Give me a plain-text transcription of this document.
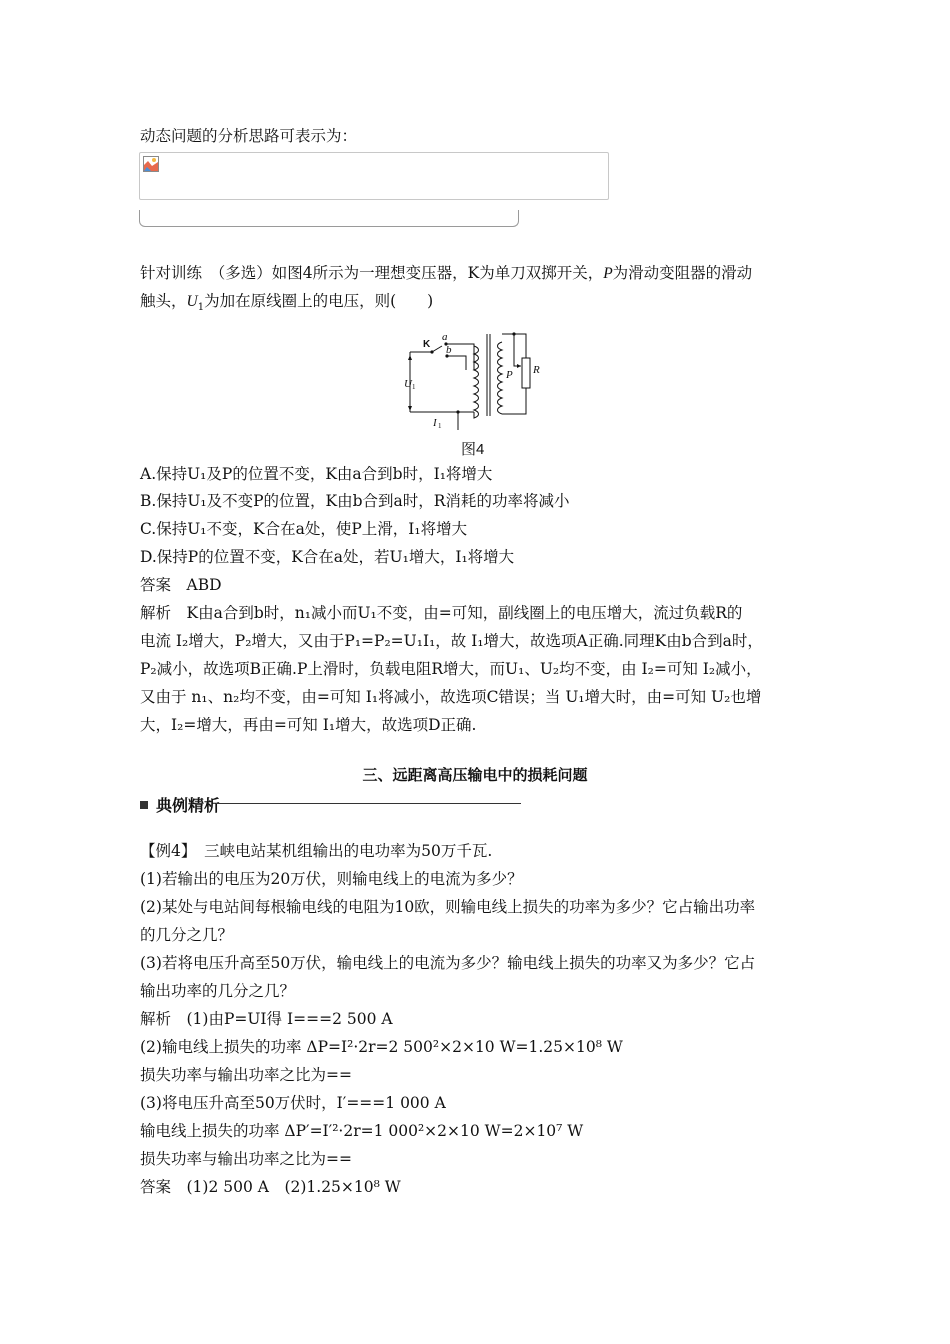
动态问题的分析思路可表示为：
针对训练　（多选）如图4所示为一理想变压器，K为单刀双掷开关，P为滑动变阻器的滑动
触头，$U_1$为加在原线圈上的电压，则(　　)
a
b
P R
U
I
1
1
K
图4
A.保持U₁及P的位置不变，K由a合到b时，I₁将增大
B.保持U₁及不变P的位置，K由b合到a时，R消耗的功率将减小
C.保持U₁不变，K合在a处，使P上滑，I₁将增大
D.保持P的位置不变，K合在a处，若U₁增大，I₁将增大
答案　ABD
解析　K由a合到b时，n₁减小而U₁不变，由=可知，副线圈上的电压增大，流过负载R的
电流 I₂增大，P₂增大，又由于P₁=P₂=U₁I₁，故 I₁增大，故选项A正确.同理K由b合到a时，
P₂减小，故选项B正确.P上滑时，负载电阻R增大，而U₁、U₂均不变，由 I₂=可知 I₂减小，
又由于 n₁、n₂均不变，由=可知 I₁将减小，故选项C错误；当 U₁增大时，由=可知 U₂也增
大，I₂=增大，再由=可知 I₁增大，故选项D正确.
三、远距离高压输电中的损耗问题
典例精析
【例4】　三峡电站某机组输出的电功率为50万千瓦.
(1)若输出的电压为20万伏，则输电线上的电流为多少？
(2)某处与电站间每根输电线的电阻为10欧，则输电线上损失的功率为多少？它占输出功率
的几分之几？
(3)若将电压升高至50万伏，输电线上的电流为多少？输电线上损失的功率又为多少？它占
输出功率的几分之几？
解析　(1)由P=UI得 I===2 500 A
(2)输电线上损失的功率 ΔP=I²·2r=2 500²×2×10 W=1.25×10⁸ W
损失功率与输出功率之比为==
(3)将电压升高至50万伏时，I′===1 000 A
输电线上损失的功率 ΔP′=I′²·2r=1 000²×2×10 W=2×10⁷ W
损失功率与输出功率之比为==
答案　(1)2 500 A　(2)1.25×10⁸ W
